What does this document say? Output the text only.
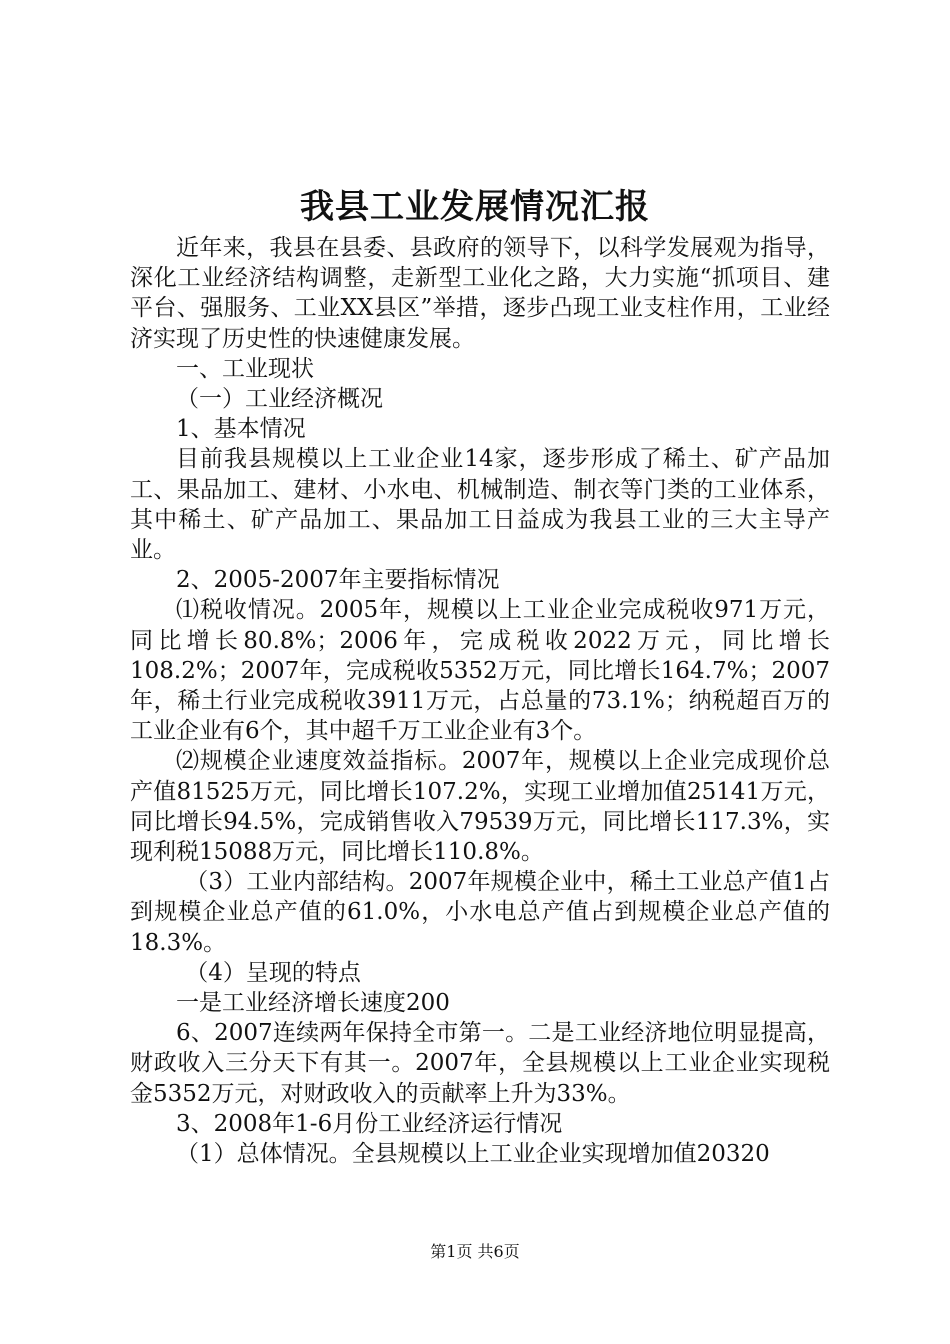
我县工业发展情况汇报

近年来，我县在县委、县政府的领导下，以科学发展观为指导，深化工业经济结构调整，走新型工业化之路，大力实施“抓项目、建平台、强服务、工业XX县区”举措，逐步凸现工业支柱作用，工业经济实现了历史性的快速健康发展。

一、工业现状

（一）工业经济概况

1、基本情况

目前我县规模以上工业企业14家，逐步形成了稀土、矿产品加工、果品加工、建材、小水电、机械制造、制衣等门类的工业体系，其中稀土、矿产品加工、果品加工日益成为我县工业的三大主导产业。

2、2005-2007年主要指标情况

⑴税收情况。2005年，规模以上工业企业完成税收971万元，同比增长80.8%；2006年，完成税收2022万元，同比增长108.2%；2007年，完成税收5352万元，同比增长164.7%；2007年，稀土行业完成税收3911万元，占总量的73.1%；纳税超百万的工业企业有6个，其中超千万工业企业有3个。

⑵规模企业速度效益指标。2007年，规模以上企业完成现价总产值81525万元，同比增长107.2%，实现工业增加值25141万元，同比增长94.5%，完成销售收入79539万元，同比增长117.3%，实现利税15088万元，同比增长110.8%。

（3）工业内部结构。2007年规模企业中，稀土工业总产值1占到规模企业总产值的61.0%，小水电总产值占到规模企业总产值的18.3%。

（4）呈现的特点

一是工业经济增长速度200

6、2007连续两年保持全市第一。二是工业经济地位明显提高，财政收入三分天下有其一。2007年，全县规模以上工业企业实现税金5352万元，对财政收入的贡献率上升为33%。

3、2008年1-6月份工业经济运行情况

（1）总体情况。全县规模以上工业企业实现增加值20320

第1页 共6页
